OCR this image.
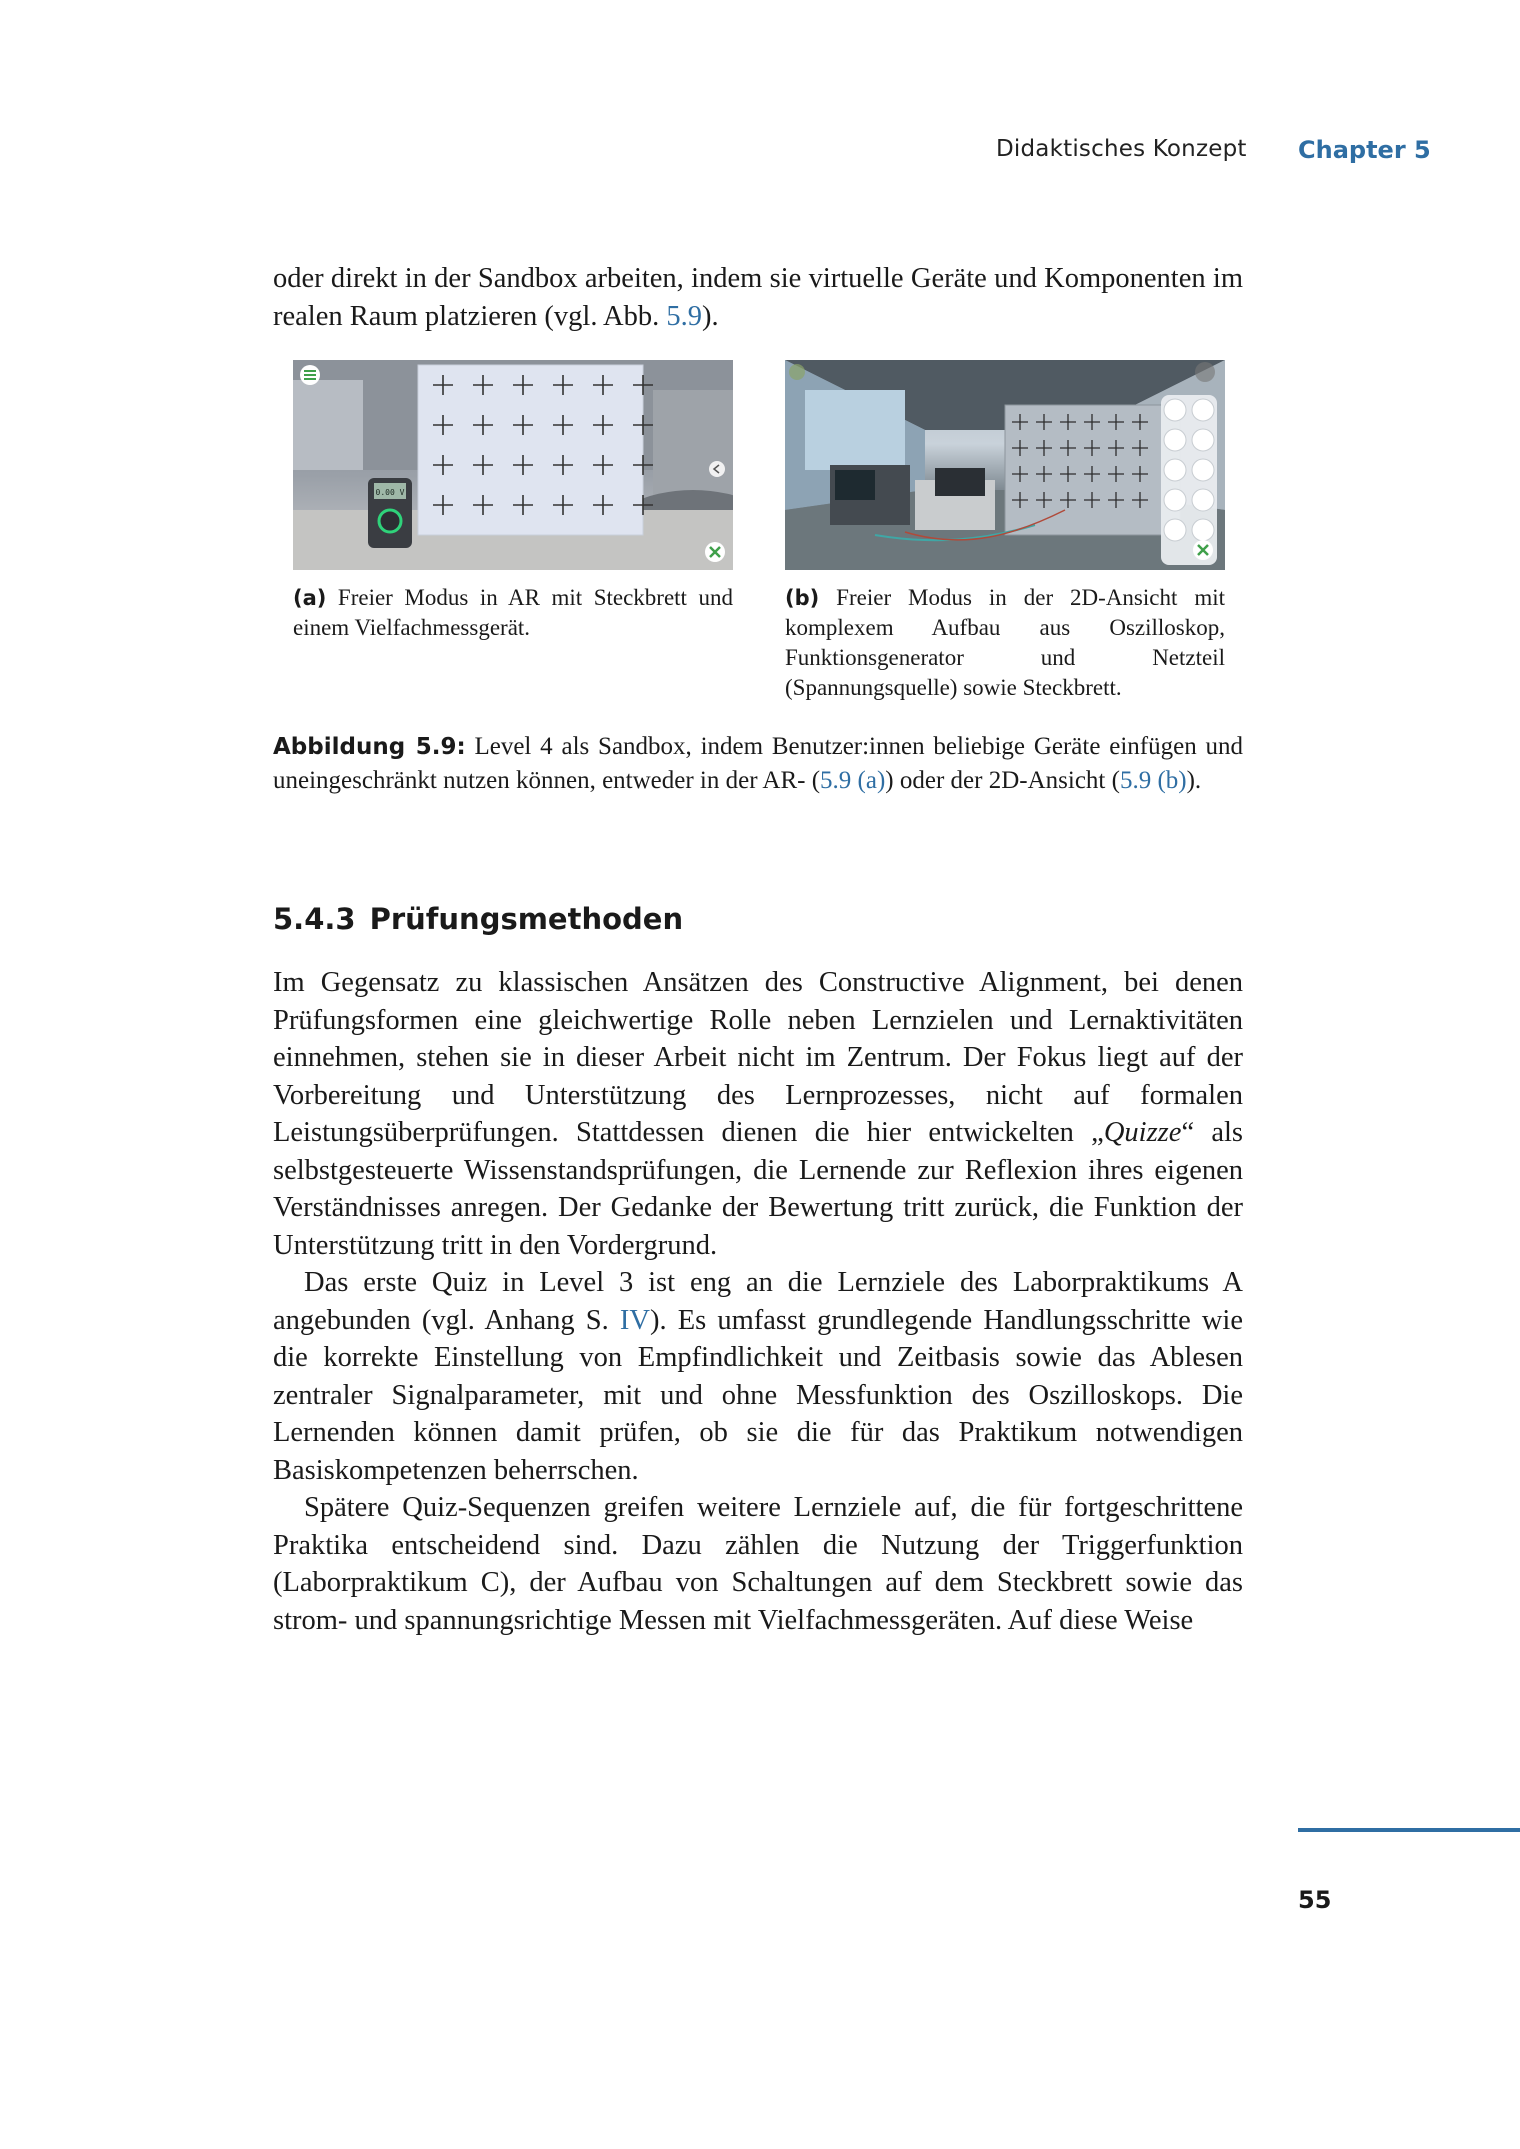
Didaktisches Konzept Chapter 5

oder direkt in der Sandbox arbeiten, indem sie virtuelle Geräte und Komponenten im realen Raum platzieren (vgl. Abb. 5.9).

0.00 V
(a) Freier Modus in AR mit Steckbrett und einem Vielfachmessgerät.
(b) Freier Modus in der 2D-Ansicht mit komplexem Aufbau aus Oszilloskop, Funktionsgenerator und Netzteil (Spannungsquelle) sowie Steckbrett.
Abbildung 5.9: Level 4 als Sandbox, indem Benutzer:innen beliebige Geräte einfügen und uneingeschränkt nutzen können, entweder in der AR- (5.9 (a)) oder der 2D-Ansicht (5.9 (b)).
5.4.3 Prüfungsmethoden

Im Gegensatz zu klassischen Ansätzen des Constructive Alignment, bei denen Prüfungsformen eine gleichwertige Rolle neben Lernzielen und Lernaktivitäten einnehmen, stehen sie in dieser Arbeit nicht im Zentrum. Der Fokus liegt auf der Vorbereitung und Unterstützung des Lernprozesses, nicht auf formalen Leistungsüberprüfungen. Stattdessen dienen die hier entwickelten „Quizze“ als selbstgesteuerte Wissenstandsprüfungen, die Lernende zur Reflexion ihres eigenen Verständnisses anregen. Der Gedanke der Bewertung tritt zurück, die Funktion der Unterstützung tritt in den Vordergrund.

Das erste Quiz in Level 3 ist eng an die Lernziele des Laborpraktikums A angebunden (vgl. Anhang S. IV). Es umfasst grundlegende Handlungsschritte wie die korrekte Einstellung von Empfindlichkeit und Zeitbasis sowie das Ablesen zentraler Signalparameter, mit und ohne Messfunktion des Oszilloskops. Die Lernenden können damit prüfen, ob sie die für das Praktikum notwendigen Basiskompetenzen beherrschen.

Spätere Quiz-Sequenzen greifen weitere Lernziele auf, die für fortgeschrittene Praktika entscheidend sind. Dazu zählen die Nutzung der Triggerfunktion (Laborpraktikum C), der Aufbau von Schaltungen auf dem Steckbrett sowie das strom- und spannungsrichtige Messen mit Vielfachmessgeräten. Auf diese Weise

55
